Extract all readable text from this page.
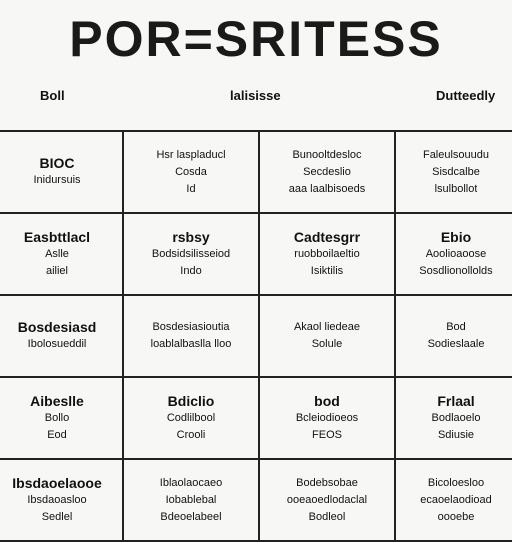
POR=SRITESS
Boll	lalisisse	Dutteedly
BIOC
Inidursuis
Hsr laspladucl
Cosda
Id
Bunooltdesloc
Secdeslio
aaa laalbisoeds
Faleulsouudu
Sisdcalbe
lsulbollot
Easbttlacl
Aslle
ailiel
rsbsy
Bodsidsilisseiod
Indo
Cadtesgrr
ruobboilaeltio
Isiktilis
Ebio
Aoolioaoose
Sosdlionollolds
Bosdesiasd
Ibolosueddil
Bosdesiasioutia
loablalbaslla lloo
Akaol liedeae
Solule
Bod
Sodieslaale
Aibeslle
Bollo
Eod
Bdiclio
Codlilbool
Crooli
bod
Bcleiodioeos
FEOS
Frlaal
Bodlaoelo
Sdiusie
Ibsdaoelaooe
Ibsdaoasloo
Sedlel
Iblaolaocaeo
Iobablebal
Bdeoelabeel
Bodebsobae
ooeaoedlodaclal
Bodleol
Bicoloesloo
ecaoelaodioad
oooebe
